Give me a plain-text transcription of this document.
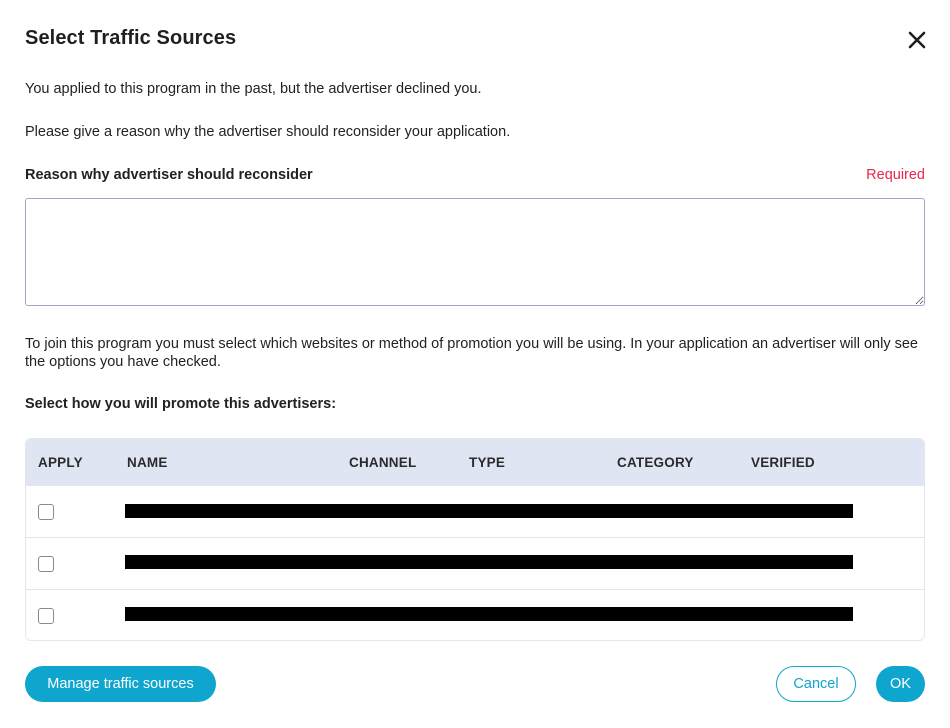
Select Traffic Sources
You applied to this program in the past, but the advertiser declined you.
Please give a reason why the advertiser should reconsider your application.
Reason why advertiser should reconsider	Required
To join this program you must select which websites or method of promotion you will be using. In your application an advertiser will only see the options you have checked.
Select how you will promote this advertisers:
APPLY	NAME	CHANNEL	TYPE	CATEGORY	VERIFIED
Manage traffic sources	Cancel	OK
